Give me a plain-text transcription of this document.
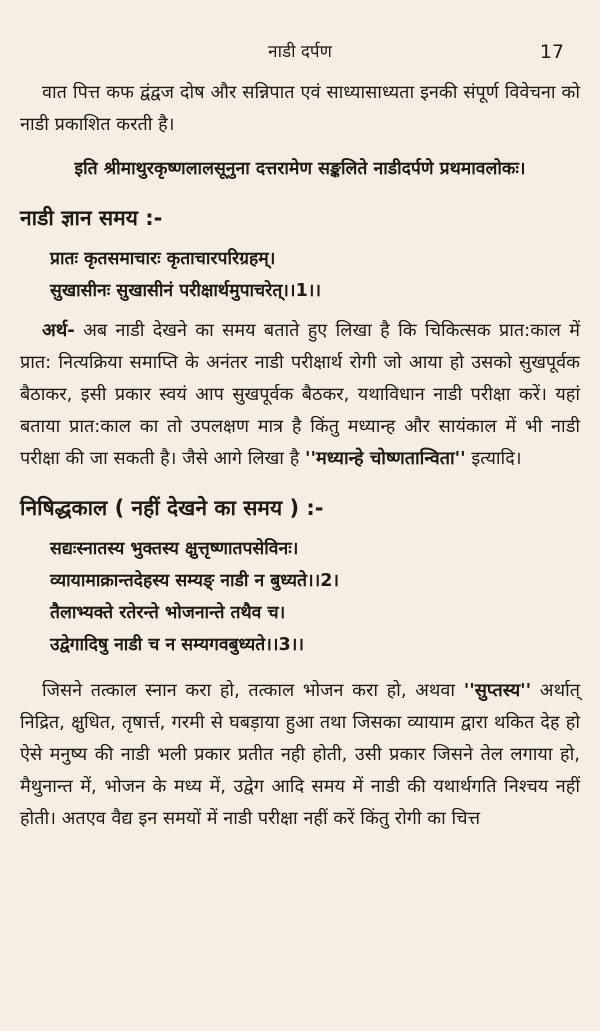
नाडी दर्पण	17

वात पित्त कफ द्वंद्वज दोष और सन्निपात एवं साध्यासाध्यता इनकी संपूर्ण विवेचना को नाडी प्रकाशित करती है।

इति श्रीमाथुरकृष्णलालसूनुना दत्तरामेण सङ्कलिते नाडीदर्पणे प्रथमावलोकः।

नाडी ज्ञान समय :-
प्रातः कृतसमाचारः कृताचारपरिग्रहम्।
सुखासीनः सुखासीनं परीक्षार्थमुपाचरेत्।।1।।

अर्थ- अब नाडी देखने का समय बताते हुए लिखा है कि चिकित्सक प्रात:काल में प्रात: नित्यक्रिया समाप्ति के अनंतर नाडी परीक्षार्थ रोगी जो आया हो उसको सुखपूर्वक बैठाकर, इसी प्रकार स्वयं आप सुखपूर्वक बैठकर, यथाविधान नाडी परीक्षा करें। यहां बताया प्रात:काल का तो उपलक्षण मात्र है किंतु मध्यान्ह और सायंकाल में भी नाडी परीक्षा की जा सकती है। जैसे आगे लिखा है ''मध्यान्हे चोष्णतान्विता'' इत्यादि।

निषिद्धकाल ( नहीं देखने का समय ) :-
सद्यःस्नातस्य भुक्तस्य क्षुत्तृष्णातपसेविनः।
व्यायामाक्रान्तदेहस्य सम्यङ् नाडी न बुध्यते।।2।
तैलाभ्यक्ते रतेरन्ते भोजनान्ते तथैव च।
उद्वेगादिषु नाडी च न सम्यगवबुध्यते।।3।।

जिसने तत्काल स्नान करा हो, तत्काल भोजन करा हो, अथवा ''सुप्तस्य'' अर्थात् निद्रित, क्षुधित, तृषार्त्त, गरमी से घबड़ाया हुआ तथा जिसका व्यायाम द्वारा थकित देह हो ऐसे मनुष्य की नाडी भली प्रकार प्रतीत नही होती, उसी प्रकार जिसने तेल लगाया हो, मैथुनान्त में, भोजन के मध्य में, उद्वेग आदि समय में नाडी की यथार्थगति निश्चय नहीं होती। अतएव वैद्य इन समयों में नाडी परीक्षा नहीं करें किंतु रोगी का चित्त
